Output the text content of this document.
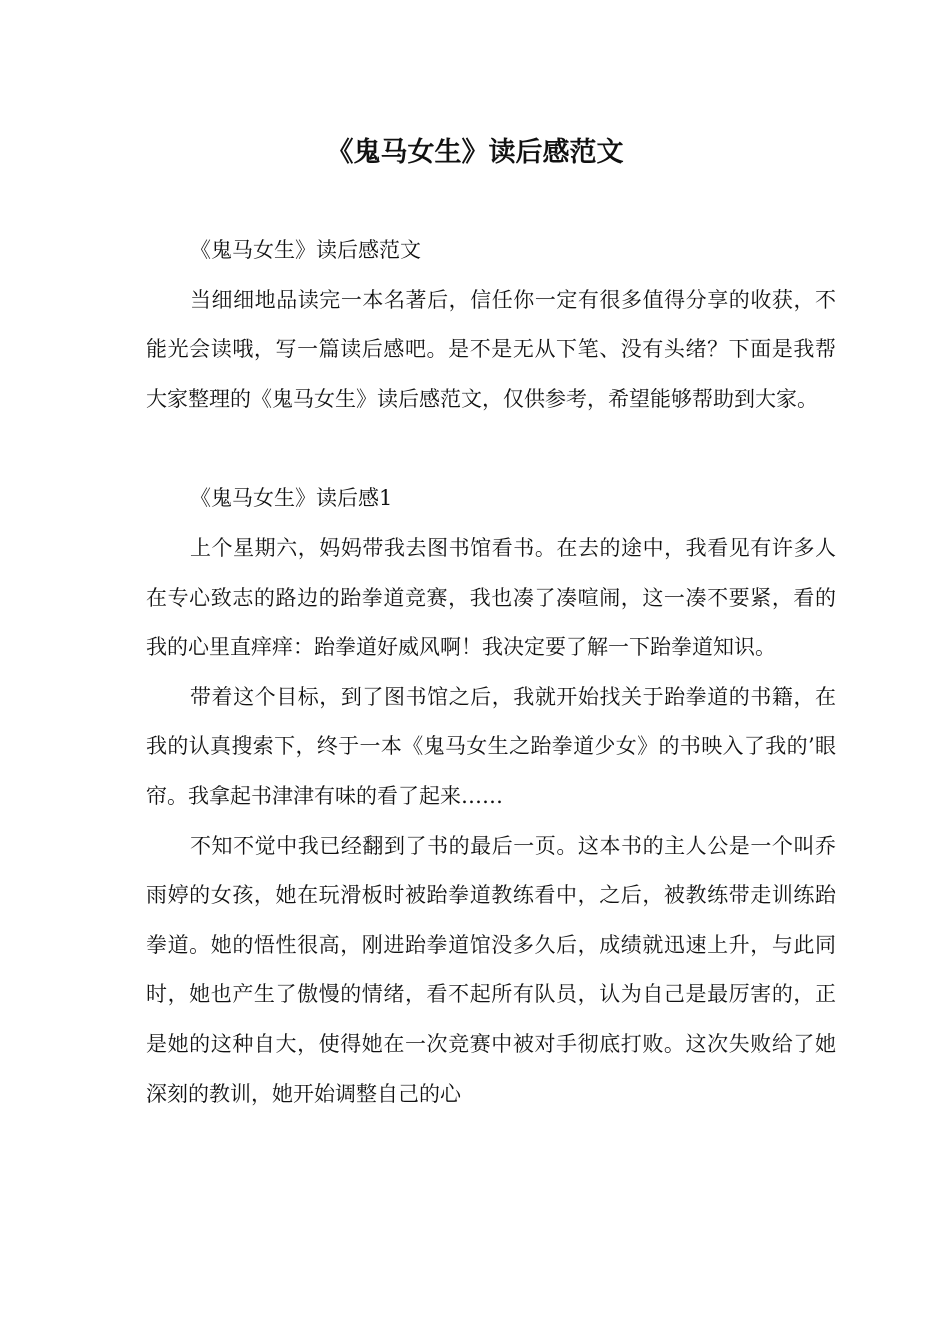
《鬼马女生》读后感范文

《鬼马女生》读后感范文

当细细地品读完一本名著后，信任你一定有很多值得分享的收获，不能光会读哦，写一篇读后感吧。是不是无从下笔、没有头绪？下面是我帮大家整理的《鬼马女生》读后感范文，仅供参考，希望能够帮助到大家。

《鬼马女生》读后感1

上个星期六，妈妈带我去图书馆看书。在去的途中，我看见有许多人在专心致志的路边的跆拳道竞赛，我也凑了凑喧闹，这一凑不要紧，看的我的心里直痒痒：跆拳道好威风啊！我决定要了解一下跆拳道知识。

带着这个目标，到了图书馆之后，我就开始找关于跆拳道的书籍，在我的认真搜索下，终于一本《鬼马女生之跆拳道少女》的书映入了我的’眼帘。我拿起书津津有味的看了起来……

不知不觉中我已经翻到了书的最后一页。这本书的主人公是一个叫乔雨婷的女孩，她在玩滑板时被跆拳道教练看中，之后，被教练带走训练跆拳道。她的悟性很高，刚进跆拳道馆没多久后，成绩就迅速上升，与此同时，她也产生了傲慢的情绪，看不起所有队员，认为自己是最厉害的，正是她的这种自大，使得她在一次竞赛中被对手彻底打败。这次失败给了她深刻的教训，她开始调整自己的心
